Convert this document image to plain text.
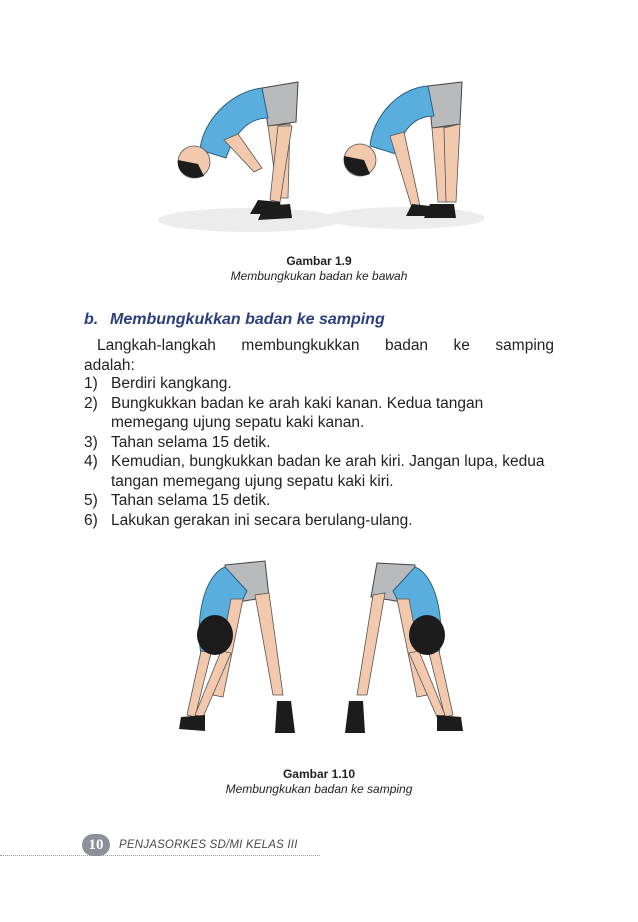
Gambar 1.9
Membungkukan badan ke bawah
b. Membungkukkan badan ke samping
Langkah-langkah membungkukkan badan ke samping
adalah:
1) Berdiri kangkang.
2) Bungkukkan badan ke arah kaki kanan. Kedua tangan memegang ujung sepatu kaki kanan.
3) Tahan selama 15 detik.
4) Kemudian, bungkukkan badan ke arah kiri. Jangan lupa, kedua tangan memegang ujung sepatu kaki kiri.
5) Tahan selama 15 detik.
6) Lakukan gerakan ini secara berulang-ulang.
Gambar 1.10
Membungkukan badan ke samping
10	PENJASORKES SD/MI KELAS III
